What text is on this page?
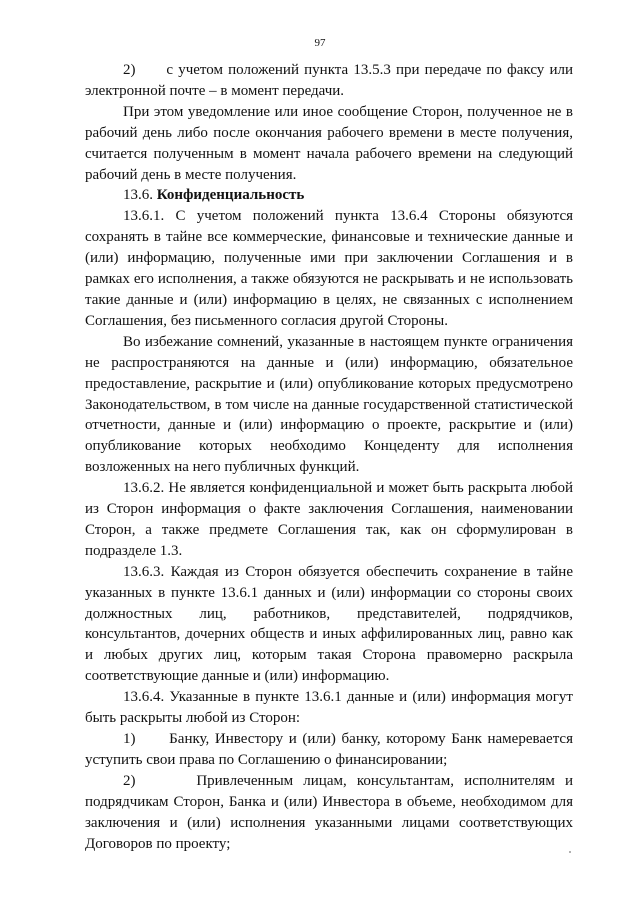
97

2)      с учетом положений пункта 13.5.3 при передаче по факсу или электронной почте – в момент передачи.

При этом уведомление или иное сообщение Сторон, полученное не в рабочий день либо после окончания рабочего времени в месте получения, считается полученным в момент начала рабочего времени на следующий рабочий день в месте получения.

13.6. Конфиденциальность

13.6.1. С учетом положений пункта 13.6.4 Стороны обязуются сохранять в тайне все коммерческие, финансовые и технические данные и (или) информацию, полученные ими при заключении Соглашения и в рамках его исполнения, а также обязуются не раскрывать и не использовать такие данные и (или) информацию в целях, не связанных с исполнением Соглашения, без письменного согласия другой Стороны.

Во избежание сомнений, указанные в настоящем пункте ограничения не распространяются на данные и (или) информацию, обязательное предоставление, раскрытие и (или) опубликование которых предусмотрено Законодательством, в том числе на данные государственной статистической отчетности, данные и (или) информацию о проекте, раскрытие и (или) опубликование которых необходимо Концеденту для исполнения возложенных на него публичных функций.

13.6.2. Не является конфиденциальной и может быть раскрыта любой из Сторон информация о факте заключения Соглашения, наименовании Сторон, а также предмете Соглашения так, как он сформулирован в подразделе 1.3.

13.6.3. Каждая из Сторон обязуется обеспечить сохранение в тайне указанных в пункте 13.6.1 данных и (или) информации со стороны своих должностных лиц, работников, представителей, подрядчиков, консультантов, дочерних обществ и иных аффилированных лиц, равно как и любых других лиц, которым такая Сторона правомерно раскрыла соответствующие данные и (или) информацию.

13.6.4. Указанные в пункте 13.6.1 данные и (или) информация могут быть раскрыты любой из Сторон:

1)      Банку, Инвестору и (или) банку, которому Банк намеревается уступить свои права по Соглашению о финансировании;

2)      Привлеченным лицам, консультантам, исполнителям и подрядчикам Сторон, Банка и (или) Инвестора в объеме, необходимом для заключения и (или) исполнения указанными лицами соответствующих Договоров по проекту;
